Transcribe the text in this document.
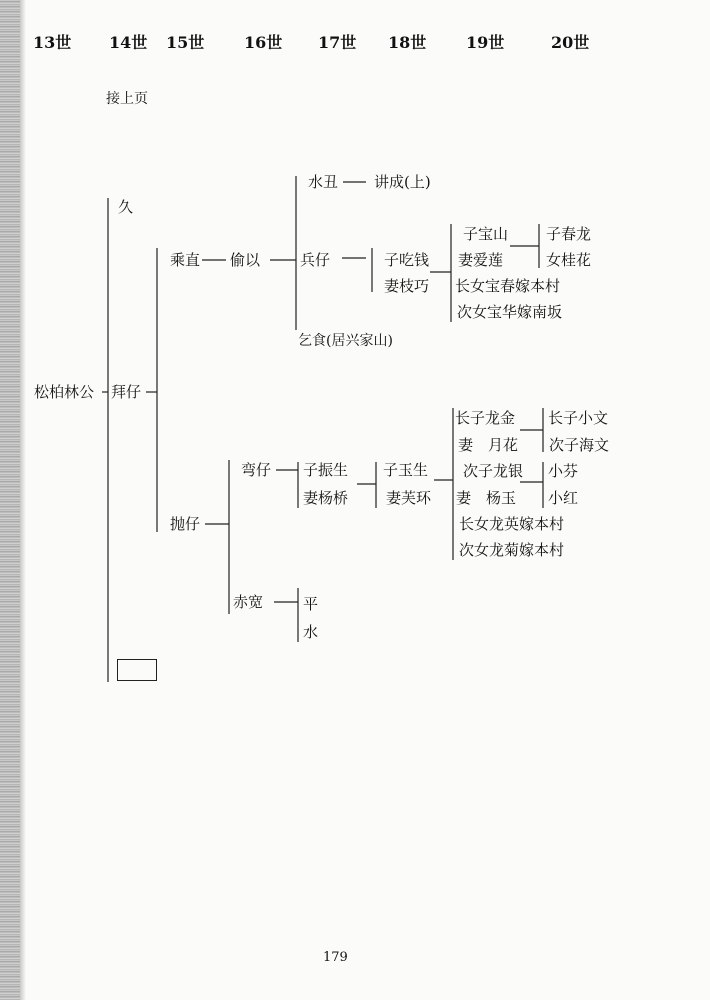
13世 14世 15世 16世 17世 18世 19世	20世
接上页
松柏林公
久
拜仔
乘直
抛仔
偷以
弯仔
赤宽
水丑
兵仔
乞食(居兴家山)
子振生
妻杨桥
平
水
讲成(上)
子吃钱
妻枝巧
子玉生
妻芙环
子宝山
妻爱莲
长女宝春嫁本村
次女宝华嫁南坂
长子龙金
妻　月花
次子龙银
妻　杨玉
长女龙英嫁本村
次女龙菊嫁本村
子春龙
女桂花
长子小文
次子海文
小芬
小红
179
